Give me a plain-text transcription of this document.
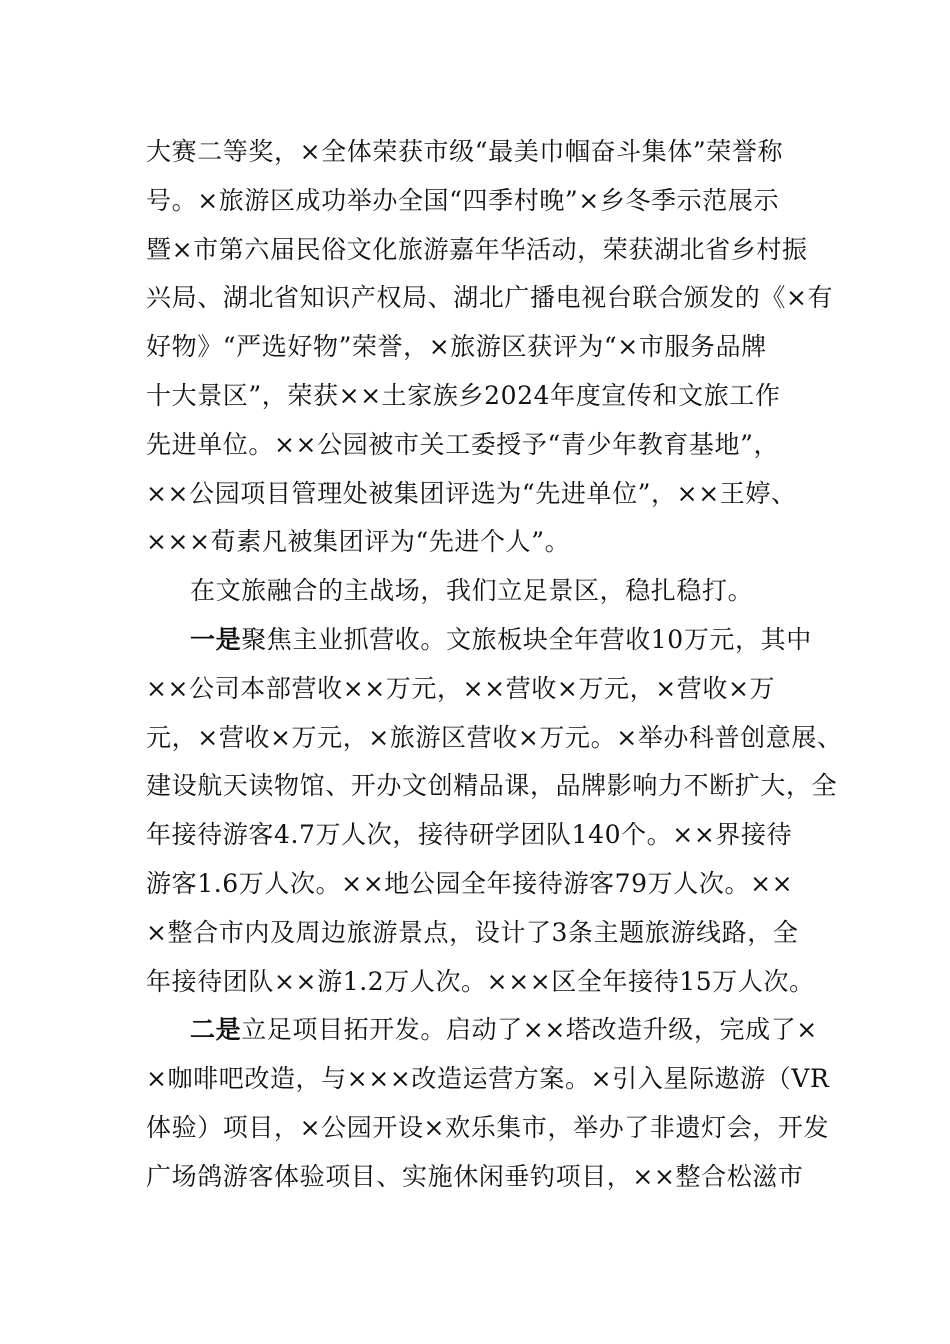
大赛二等奖，×全体荣获市级“最美巾帼奋斗集体”荣誉称
号。×旅游区成功举办全国“四季村晚”×乡冬季示范展示
暨×市第六届民俗文化旅游嘉年华活动，荣获湖北省乡村振
兴局、湖北省知识产权局、湖北广播电视台联合颁发的《×有
好物》“严选好物”荣誉，×旅游区获评为“×市服务品牌
十大景区”，荣获××土家族乡2024年度宣传和文旅工作
先进单位。××公园被市关工委授予“青少年教育基地”，
××公园项目管理处被集团评选为“先进单位”，××王婷、
×××荀素凡被集团评为“先进个人”。
在文旅融合的主战场，我们立足景区，稳扎稳打。
一是聚焦主业抓营收。文旅板块全年营收10万元，其中
××公司本部营收××万元，××营收×万元，×营收×万
元，×营收×万元，×旅游区营收×万元。×举办科普创意展、
建设航天读物馆、开办文创精品课，品牌影响力不断扩大，全
年接待游客4.7万人次，接待研学团队140个。××界接待
游客1.6万人次。××地公园全年接待游客79万人次。××
×整合市内及周边旅游景点，设计了3条主题旅游线路，全
年接待团队××游1.2万人次。×××区全年接待15万人次。
二是立足项目拓开发。启动了××塔改造升级，完成了×
×咖啡吧改造，与×××改造运营方案。×引入星际遨游（VR
体验）项目，×公园开设×欢乐集市，举办了非遗灯会，开发
广场鸽游客体验项目、实施休闲垂钓项目，××整合松滋市
